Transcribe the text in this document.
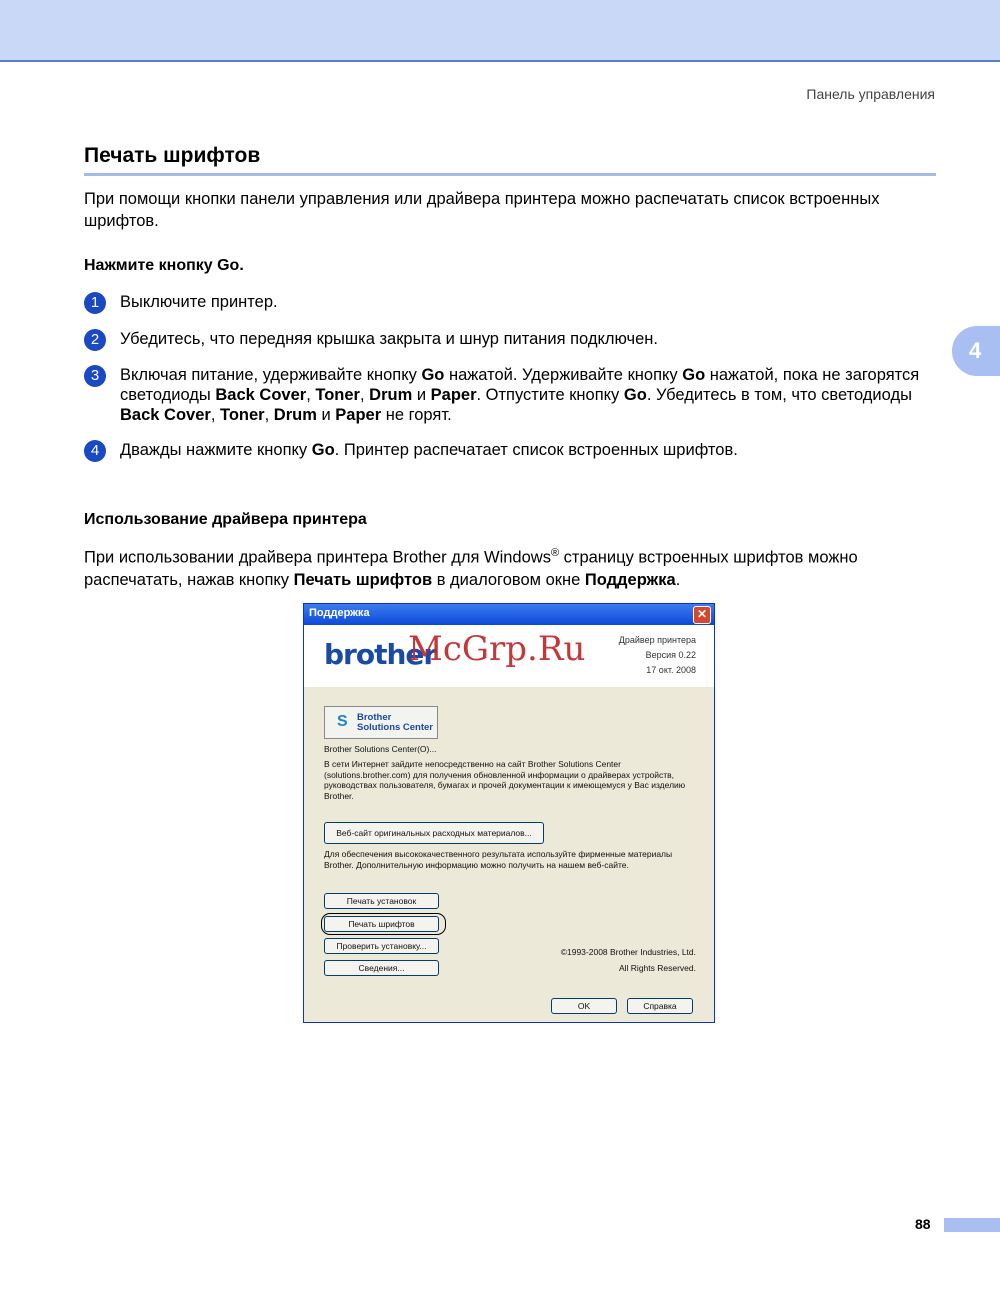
Панель управления
4
Печать шрифтов

При помощи кнопки панели управления или драйвера принтера можно распечатать список встроенных шрифтов.

Нажмите кнопку Go.

1	Выключите принтер.
2	Убедитесь, что передняя крышка закрыта и шнур питания подключен.
3	Включая питание, удерживайте кнопку Go нажатой. Удерживайте кнопку Go нажатой, пока не загорятся светодиоды Back Cover, Toner, Drum и Paper. Отпустите кнопку Go. Убедитесь в том, что светодиоды Back Cover, Toner, Drum и Paper не горят.
4	Дважды нажмите кнопку Go. Принтер распечатает список встроенных шрифтов.

Использование драйвера принтера

При использовании драйвера принтера Brother для Windows® страницу встроенных шрифтов можно распечатать, нажав кнопку Печать шрифтов в диалоговом окне Поддержка.

Поддержка	✕
brother
McGrp.Ru	Драйвер принтера
Версия 0.22
17 окт. 2008
S Brother
Solutions Center
Brother Solutions Center(O)...
В сети Интернет зайдите непосредственно на сайт Brother Solutions Center (solutions.brother.com) для получения обновленной информации о драйверах устройств, руководствах пользователя, бумагах и прочей документации к имеющемуся у Вас изделию Brother.
Веб-сайт оригинальных расходных материалов...
Для обеспечения высококачественного результата используйте фирменные материалы Brother. Дополнительную информацию можно получить на нашем веб-сайте.
Печать установок
Печать шрифтов
Проверить установку...
Сведения...
©1993-2008 Brother Industries, Ltd.
All Rights Reserved.
OK	Справка
88
